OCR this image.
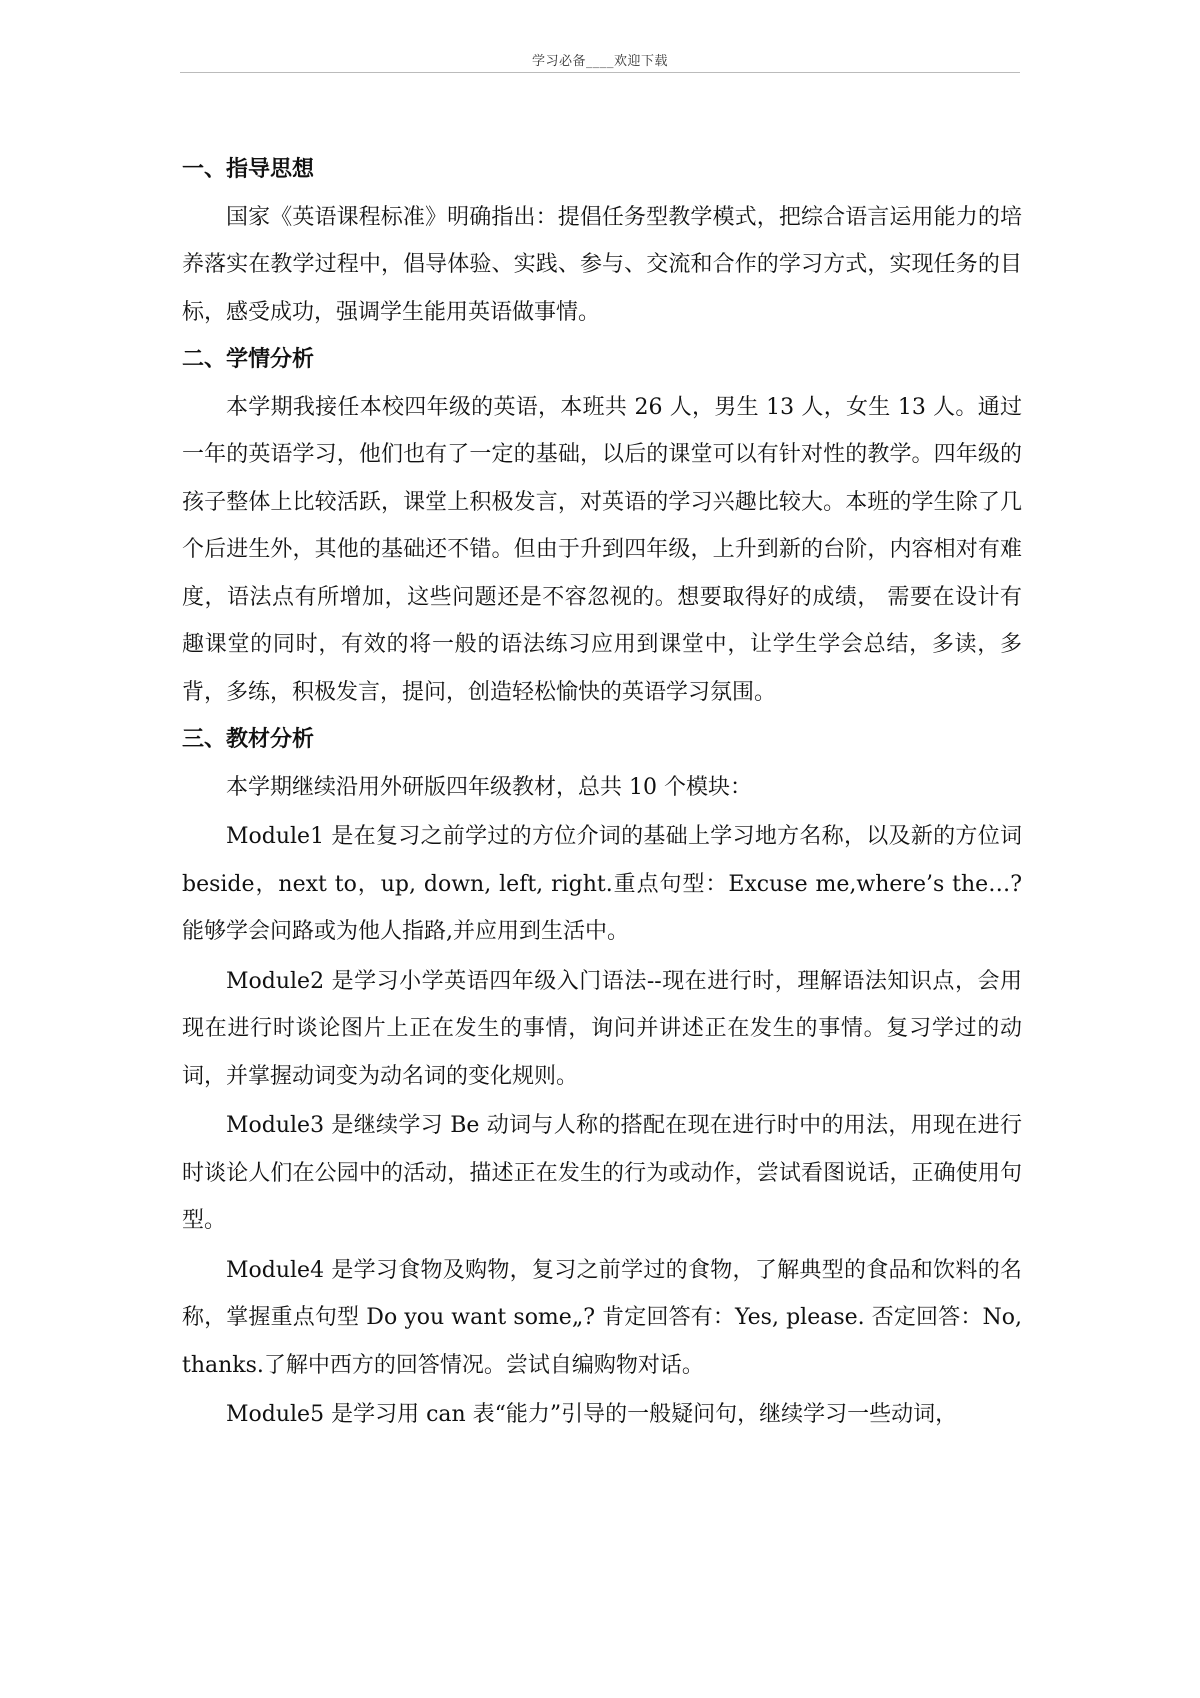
学习必备____欢迎下载
一、指导思想

国家《英语课程标准》明确指出：提倡任务型教学模式，把综合语言运用能力的培养落实在教学过程中，倡导体验、实践、参与、交流和合作的学习方式，实现任务的目标，感受成功，强调学生能用英语做事情。

二、学情分析

本学期我接任本校四年级的英语，本班共 26 人，男生 13 人，女生 13 人。通过一年的英语学习，他们也有了一定的基础，以后的课堂可以有针对性的教学。四年级的孩子整体上比较活跃，课堂上积极发言，对英语的学习兴趣比较大。本班的学生除了几个后进生外，其他的基础还不错。但由于升到四年级，上升到新的台阶，内容相对有难度，语法点有所增加，这些问题还是不容忽视的。想要取得好的成绩， 需要在设计有趣课堂的同时，有效的将一般的语法练习应用到课堂中，让学生学会总结，多读，多背，多练，积极发言，提问，创造轻松愉快的英语学习氛围。

三、教材分析

本学期继续沿用外研版四年级教材，总共 10 个模块：

Module1 是在复习之前学过的方位介词的基础上学习地方名称，以及新的方位词 beside，next to，up, down, left, right.重点句型：Excuse me,where’s the…? 能够学会问路或为他人指路,并应用到生活中。

Module2 是学习小学英语四年级入门语法--现在进行时，理解语法知识点，会用现在进行时谈论图片上正在发生的事情，询问并讲述正在发生的事情。复习学过的动词，并掌握动词变为动名词的变化规则。

Module3 是继续学习 Be 动词与人称的搭配在现在进行时中的用法，用现在进行时谈论人们在公园中的活动，描述正在发生的行为或动作，尝试看图说话，正确使用句型。

Module4 是学习食物及购物，复习之前学过的食物，了解典型的食品和饮料的名称，掌握重点句型 Do you want some„? 肯定回答有：Yes, please. 否定回答：No, thanks.了解中西方的回答情况。尝试自编购物对话。

Module5 是学习用 can 表“能力”引导的一般疑问句，继续学习一些动词，
